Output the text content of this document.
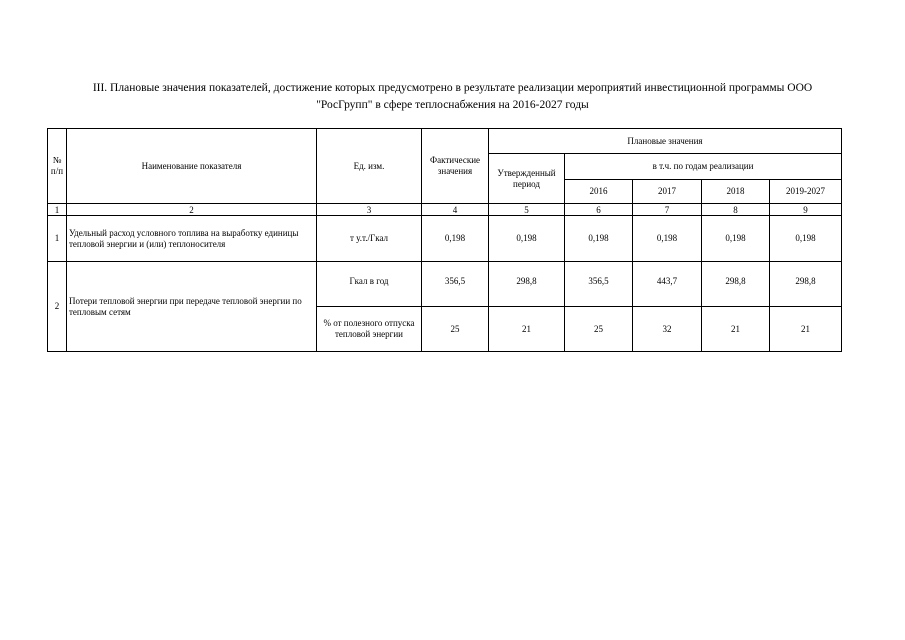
III. Плановые значения показателей, достижение которых предусмотрено в результате реализации мероприятий инвестиционной программы ООО
"РосГрупп" в сфере теплоснабжения на 2016-2027 годы
№ п/п	Наименование показателя	Ед. изм.	Фактические значения	Плановые значения				
				Утвержденный период	в т.ч. по годам реализации			
					2016	2017	2018	2019-2027
1	2	3	4	5	6	7	8	9
1	Удельный расход условного топлива на выработку единицы тепловой энергии и (или) теплоносителя	т у.т./Гкал	0,198	0,198	0,198	0,198	0,198	0,198
2	Потери тепловой энергии при передаче тепловой энергии по тепловым сетям	Гкал в год	356,5	298,8	356,5	443,7	298,8	298,8
		% от полезного отпуска тепловой энергии	25	21	25	32	21	21
